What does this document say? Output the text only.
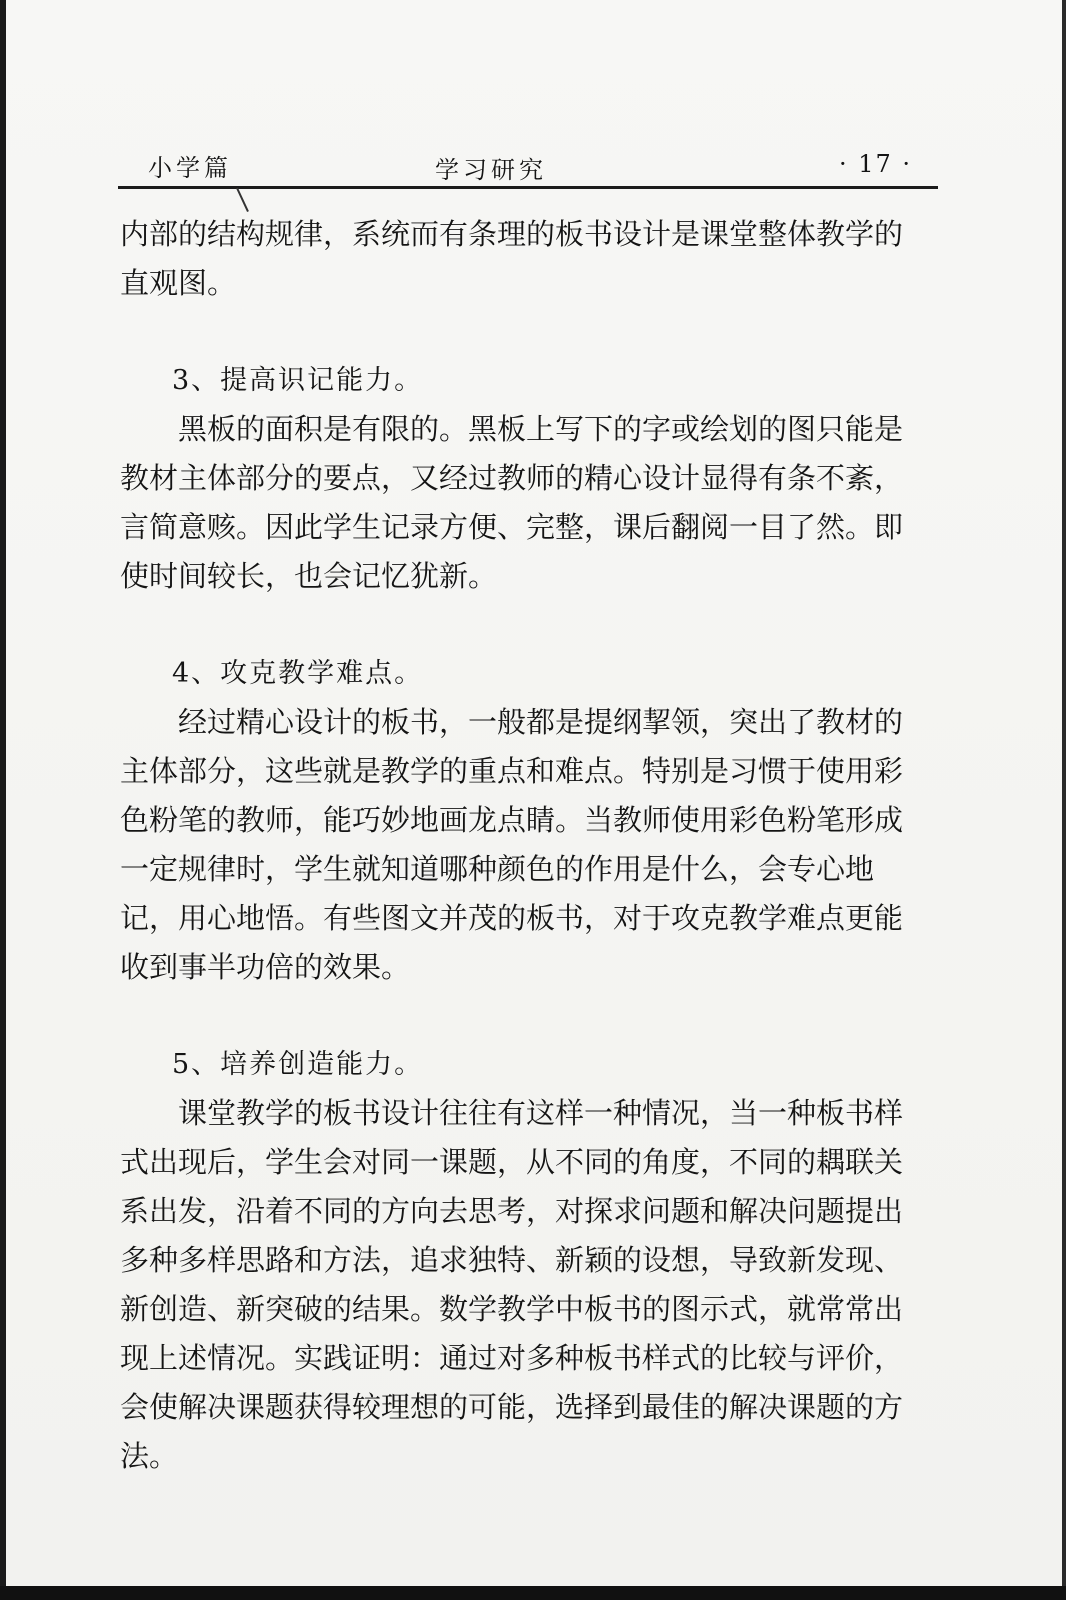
小学篇	学习研究	· 17 ·

内部的结构规律，系统而有条理的板书设计是课堂整体教学的直观图。

3、提高识记能力。

黑板的面积是有限的。黑板上写下的字或绘划的图只能是教材主体部分的要点，又经过教师的精心设计显得有条不紊，言简意赅。因此学生记录方便、完整，课后翻阅一目了然。即使时间较长，也会记忆犹新。

4、攻克教学难点。

经过精心设计的板书，一般都是提纲挈领，突出了教材的主体部分，这些就是教学的重点和难点。特别是习惯于使用彩色粉笔的教师，能巧妙地画龙点睛。当教师使用彩色粉笔形成一定规律时，学生就知道哪种颜色的作用是什么，会专心地记，用心地悟。有些图文并茂的板书，对于攻克教学难点更能收到事半功倍的效果。

5、培养创造能力。

课堂教学的板书设计往往有这样一种情况，当一种板书样式出现后，学生会对同一课题，从不同的角度，不同的耦联关系出发，沿着不同的方向去思考，对探求问题和解决问题提出多种多样思路和方法，追求独特、新颖的设想，导致新发现、新创造、新突破的结果。数学教学中板书的图示式，就常常出现上述情况。实践证明：通过对多种板书样式的比较与评价，会使解决课题获得较理想的可能，选择到最佳的解决课题的方法。
